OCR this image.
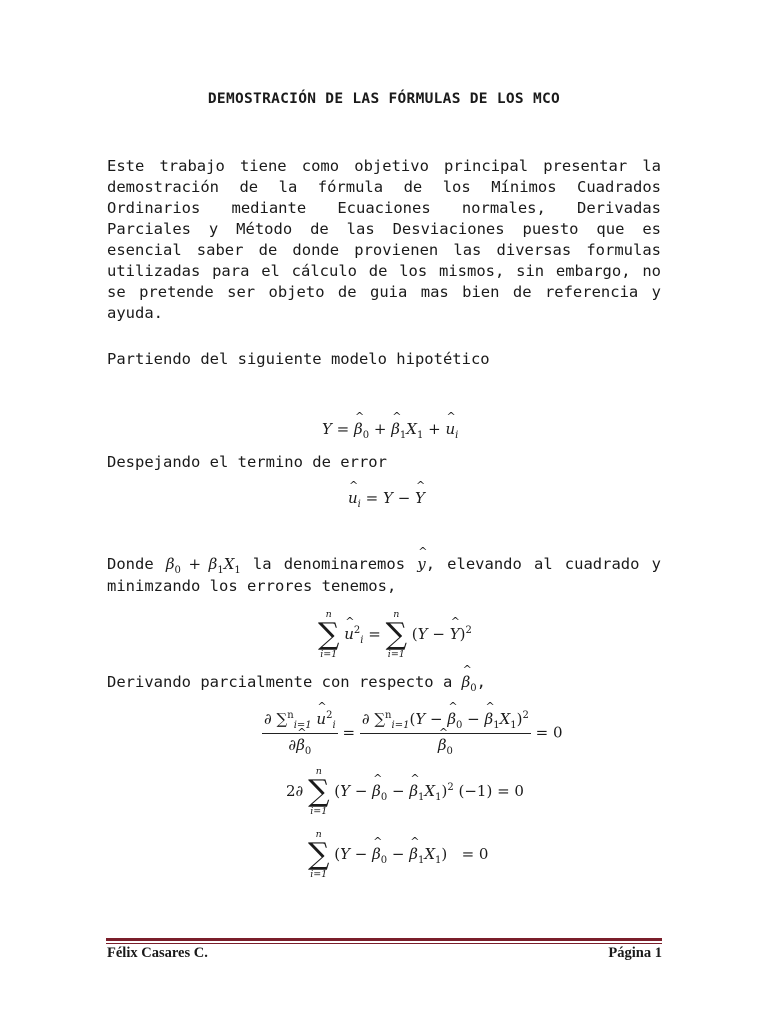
DEMOSTRACIÓN DE LAS FÓRMULAS DE LOS MCO
Este trabajo tiene como objetivo principal presentar la demostración de la fórmula de los Mínimos Cuadrados Ordinarios mediante Ecuaciones normales, Derivadas Parciales y Método de las Desviaciones puesto que es esencial saber de donde provienen las diversas formulas utilizadas para el cálculo de los mismos, sin embargo, no se pretende ser objeto de guia mas bien de referencia y ayuda.
Partiendo del siguiente modelo hipotético
Y = ^ $\beta_0$ + ^ $\beta_1X_1$ + ^ $u_i$
Despejando el termino de error
^ $u_i = Y$ − ^ Y
Donde $\beta_0 + \beta_1X_1$ la denominaremos ^ y, elevando al cuadrado y
minimzando los errores tenemos,
n
∑
i=1
^ $u^2_i$ =
n
∑
i=1
(Y − ^ Y)$^2$
Derivando parcialmente con respecto a ^ $\beta_0$,
$\frac{\partial \sum^n_{i=1} \^{} u^2_i}{\partial\^{} \beta_0}$ = ∂ ∑$^n_{i=1}$(Y − ^ $\beta_0$ − ^ $\beta_1X_1)^2$
^ $\beta_0 = 0$
2∂
n
∑
i=1
(Y − ^ $\beta_0$ − ^ $\beta_1X_1)^2$ (−1) = 0
n
∑
i=1
(Y − ^ $\beta_0$ − ^ $\beta_1X_1) = 0$
Félix Casares C.	Página 1
